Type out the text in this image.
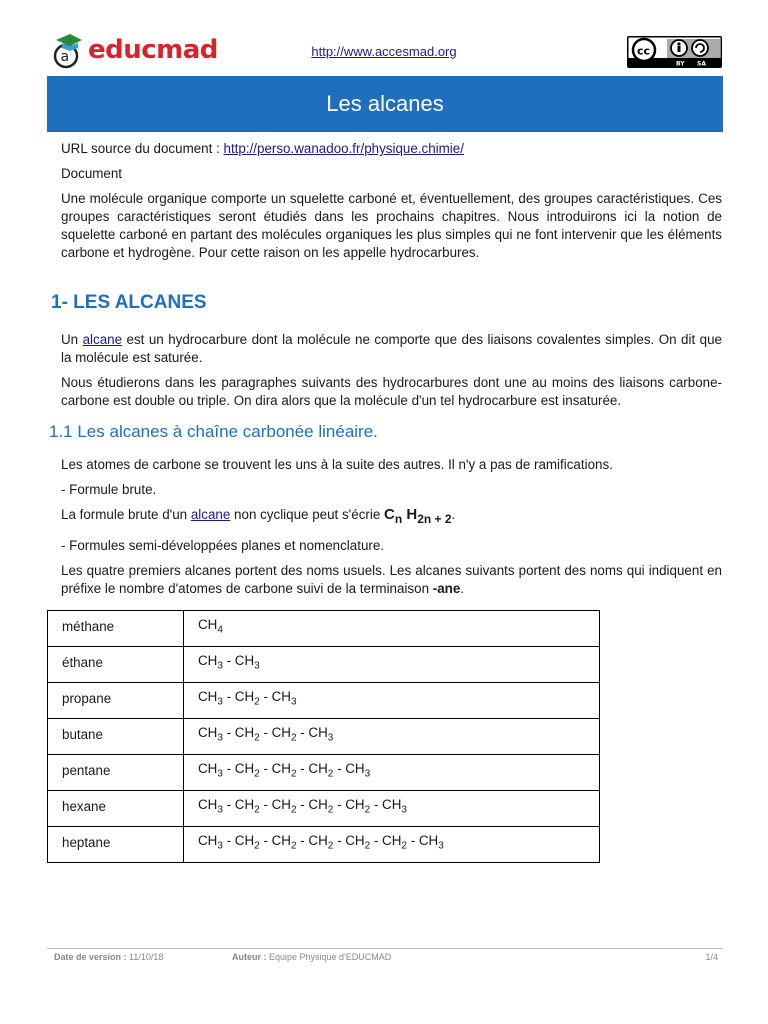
a educmad	http://www.accesmad.org	cc
BY SA
Les alcanes

URL source du document : http://perso.wanadoo.fr/physique.chimie/

Document

Une molécule organique comporte un squelette carboné et, éventuellement, des groupes caractéristiques. Ces groupes caractéristiques seront étudiés dans les prochains chapitres. Nous introduirons ici la notion de squelette carboné en partant des molécules organiques les plus simples qui ne font intervenir que les éléments carbone et hydrogène. Pour cette raison on les appelle hydrocarbures.

1- LES ALCANES
Un alcane est un hydrocarbure dont la molécule ne comporte que des liaisons covalentes simples. On dit que la molécule est saturée.
Nous étudierons dans les paragraphes suivants des hydrocarbures dont une au moins des liaisons carbone-carbone est double ou triple. On dira alors que la molécule d'un tel hydrocarbure est insaturée.
1.1 Les alcanes à chaîne carbonée linéaire.
Les atomes de carbone se trouvent les uns à la suite des autres. Il n'y a pas de ramifications.
- Formule brute.
La formule brute d'un alcane non cyclique peut s'écrie $C_n$ $H_{2n + 2}$.
- Formules semi-développées planes et nomenclature.
Les quatre premiers alcanes portent des noms usuels. Les alcanes suivants portent des noms qui indiquent en préfixe le nombre d'atomes de carbone suivi de la terminaison -ane.
méthane	$CH_4$
éthane	$CH_3 - CH_3$
propane	$CH_3 - CH_2 - CH_3$
butane	$CH_3 - CH_2 - CH_2 - CH_3$
pentane	$CH_3 - CH_2 - CH_2 - CH_2 - CH_3$
hexane	$CH_3 - CH_2 - CH_2 - CH_2 - CH_2 - CH_3$
heptane	$CH_3 - CH_2 - CH_2 - CH_2 - CH_2 - CH_2 - CH_3$
Date de version : 11/10/18	Auteur : Equipe Physique d'EDUCMAD	1/4
